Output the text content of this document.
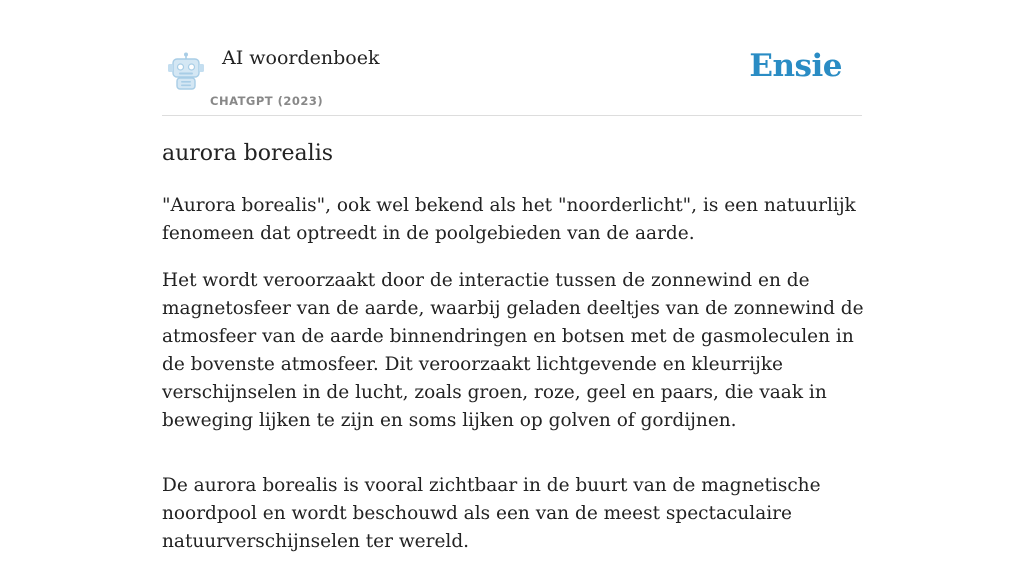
AI woordenboek
CHATGPT (2023)
Ensie
aurora borealis

"Aurora borealis", ook wel bekend als het "noorderlicht", is een natuurlijk fenomeen dat optreedt in de poolgebieden van de aarde.

Het wordt veroorzaakt door de interactie tussen de zonnewind en de magnetosfeer van de aarde, waarbij geladen deeltjes van de zonnewind de atmosfeer van de aarde binnendringen en botsen met de gasmoleculen in de bovenste atmosfeer. Dit veroorzaakt lichtgevende en kleurrijke verschijnselen in de lucht, zoals groen, roze, geel en paars, die vaak in beweging lijken te zijn en soms lijken op golven of gordijnen.

De aurora borealis is vooral zichtbaar in de buurt van de magnetische noordpool en wordt beschouwd als een van de meest spectaculaire natuurverschijnselen ter wereld.
